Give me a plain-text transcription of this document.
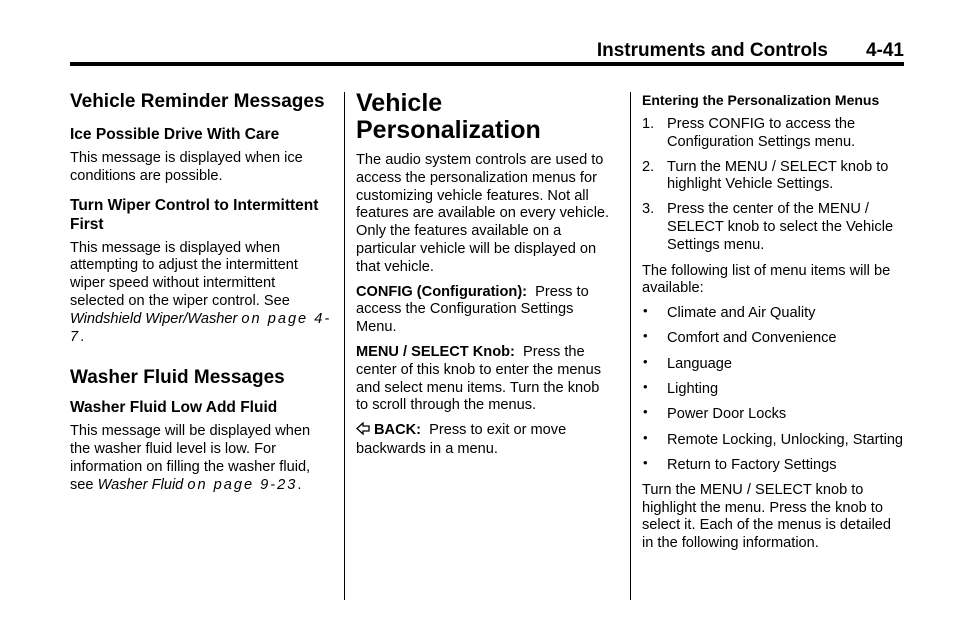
Instruments and Controls 4-41
Vehicle Reminder Messages
Ice Possible Drive With Care

This message is displayed when ice conditions are possible.

Turn Wiper Control to Intermittent First

This message is displayed when attempting to adjust the intermittent wiper speed without intermittent selected on the wiper control. See Windshield Wiper/Washer on page 4-7.

Washer Fluid Messages
Washer Fluid Low Add Fluid

This message will be displayed when the washer fluid level is low. For information on filling the washer fluid, see Washer Fluid on page 9-23.

Vehicle Personalization

The audio system controls are used to access the personalization menus for customizing vehicle features. Not all features are available on every vehicle. Only the features available on a particular vehicle will be displayed on that vehicle.

CONFIG (Configuration): Press to access the Configuration Settings Menu.

MENU / SELECT Knob: Press the center of this knob to enter the menus and select menu items. Turn the knob to scroll through the menus.

BACK: Press to exit or move backwards in a menu.

Entering the Personalization Menus
1. Press CONFIG to access the Configuration Settings menu.
2. Turn the MENU / SELECT knob to highlight Vehicle Settings.
3. Press the center of the MENU / SELECT knob to select the Vehicle Settings menu.

The following list of menu items will be available:

• Climate and Air Quality
• Comfort and Convenience
• Language
• Lighting
• Power Door Locks
• Remote Locking, Unlocking, Starting
• Return to Factory Settings

Turn the MENU / SELECT knob to highlight the menu. Press the knob to select it. Each of the menus is detailed in the following information.
